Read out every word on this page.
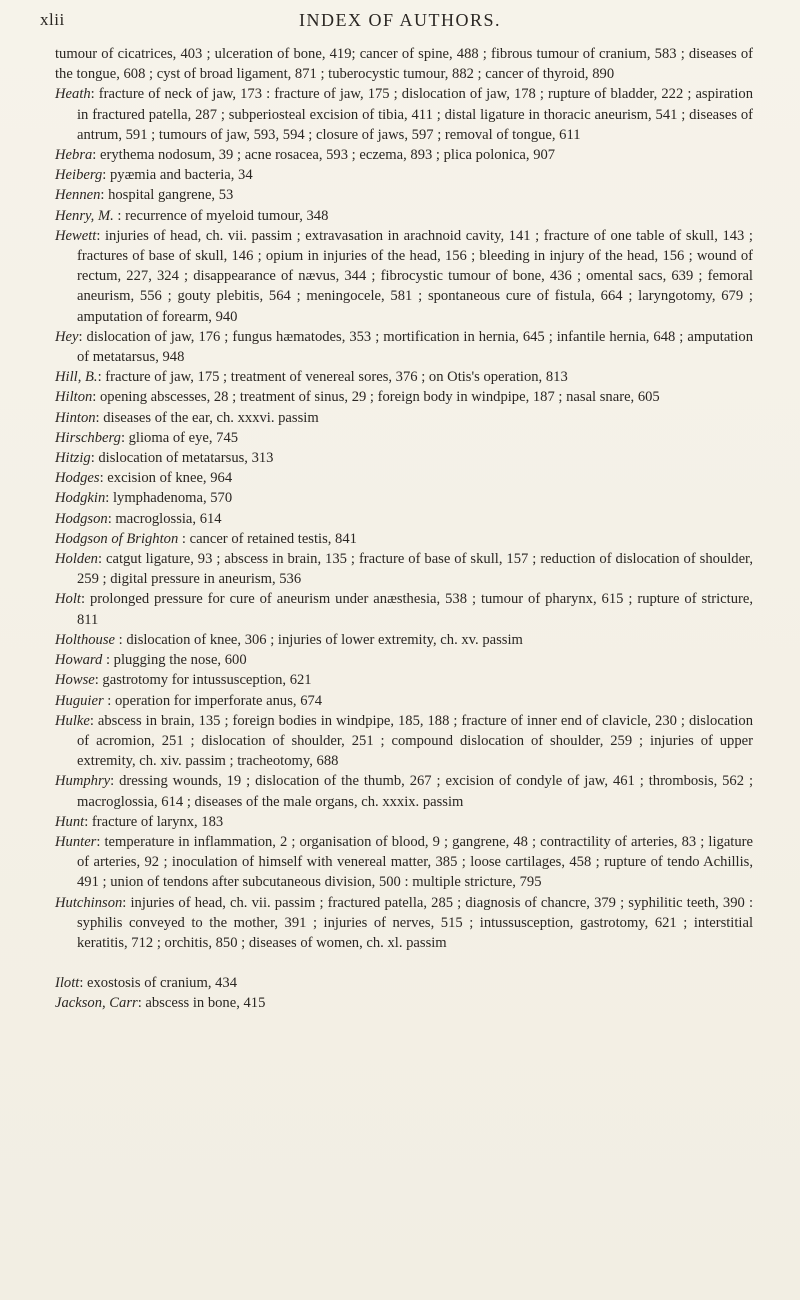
xlii	INDEX OF AUTHORS.

tumour of cicatrices, 403 ; ulceration of bone, 419; cancer of spine, 488 ; fibrous tumour of cranium, 583 ; diseases of the tongue, 608 ; cyst of broad ligament, 871 ; tuberocystic tumour, 882 ; cancer of thyroid, 890

Heath: fracture of neck of jaw, 173 : fracture of jaw, 175 ; dislocation of jaw, 178 ; rupture of bladder, 222 ; aspiration in fractured patella, 287 ; subperiosteal excision of tibia, 411 ; distal ligature in thoracic aneurism, 541 ; diseases of antrum, 591 ; tumours of jaw, 593, 594 ; closure of jaws, 597 ; removal of tongue, 611

Hebra: erythema nodosum, 39 ; acne rosacea, 593 ; eczema, 893 ; plica polonica, 907

Heiberg: pyæmia and bacteria, 34

Hennen: hospital gangrene, 53

Henry, M. : recurrence of myeloid tumour, 348

Hewett: injuries of head, ch. vii. passim ; extravasation in arachnoid cavity, 141 ; fracture of one table of skull, 143 ; fractures of base of skull, 146 ; opium in injuries of the head, 156 ; bleeding in injury of the head, 156 ; wound of rectum, 227, 324 ; disappearance of nævus, 344 ; fibrocystic tumour of bone, 436 ; omental sacs, 639 ; femoral aneurism, 556 ; gouty plebitis, 564 ; meningocele, 581 ; spontaneous cure of fistula, 664 ; laryngotomy, 679 ; amputation of forearm, 940

Hey: dislocation of jaw, 176 ; fungus hæmatodes, 353 ; mortification in hernia, 645 ; infantile hernia, 648 ; amputation of metatarsus, 948

Hill, B.: fracture of jaw, 175 ; treatment of venereal sores, 376 ; on Otis's operation, 813

Hilton: opening abscesses, 28 ; treatment of sinus, 29 ; foreign body in windpipe, 187 ; nasal snare, 605

Hinton: diseases of the ear, ch. xxxvi. passim

Hirschberg: glioma of eye, 745

Hitzig: dislocation of metatarsus, 313

Hodges: excision of knee, 964

Hodgkin: lymphadenoma, 570

Hodgson: macroglossia, 614

Hodgson of Brighton : cancer of retained testis, 841

Holden: catgut ligature, 93 ; abscess in brain, 135 ; fracture of base of skull, 157 ; reduction of dislocation of shoulder, 259 ; digital pressure in aneurism, 536

Holt: prolonged pressure for cure of aneurism under anæsthesia, 538 ; tumour of pharynx, 615 ; rupture of stricture, 811

Holthouse : dislocation of knee, 306 ; injuries of lower extremity, ch. xv. passim

Howard : plugging the nose, 600

Howse: gastrotomy for intussusception, 621

Huguier : operation for imperforate anus, 674

Hulke: abscess in brain, 135 ; foreign bodies in windpipe, 185, 188 ; fracture of inner end of clavicle, 230 ; dislocation of acromion, 251 ; dislocation of shoulder, 251 ; compound dislocation of shoulder, 259 ; injuries of upper extremity, ch. xiv. passim ; tracheotomy, 688

Humphry: dressing wounds, 19 ; dislocation of the thumb, 267 ; excision of condyle of jaw, 461 ; thrombosis, 562 ; macroglossia, 614 ; diseases of the male organs, ch. xxxix. passim

Hunt: fracture of larynx, 183

Hunter: temperature in inflammation, 2 ; organisation of blood, 9 ; gangrene, 48 ; contractility of arteries, 83 ; ligature of arteries, 92 ; inoculation of himself with venereal matter, 385 ; loose cartilages, 458 ; rupture of tendo Achillis, 491 ; union of tendons after subcutaneous division, 500 : multiple stricture, 795

Hutchinson: injuries of head, ch. vii. passim ; fractured patella, 285 ; diagnosis of chancre, 379 ; syphilitic teeth, 390 : syphilis conveyed to the mother, 391 ; injuries of nerves, 515 ; intussusception, gastrotomy, 621 ; interstitial keratitis, 712 ; orchitis, 850 ; diseases of women, ch. xl. passim

Ilott: exostosis of cranium, 434

Jackson, Carr: abscess in bone, 415
